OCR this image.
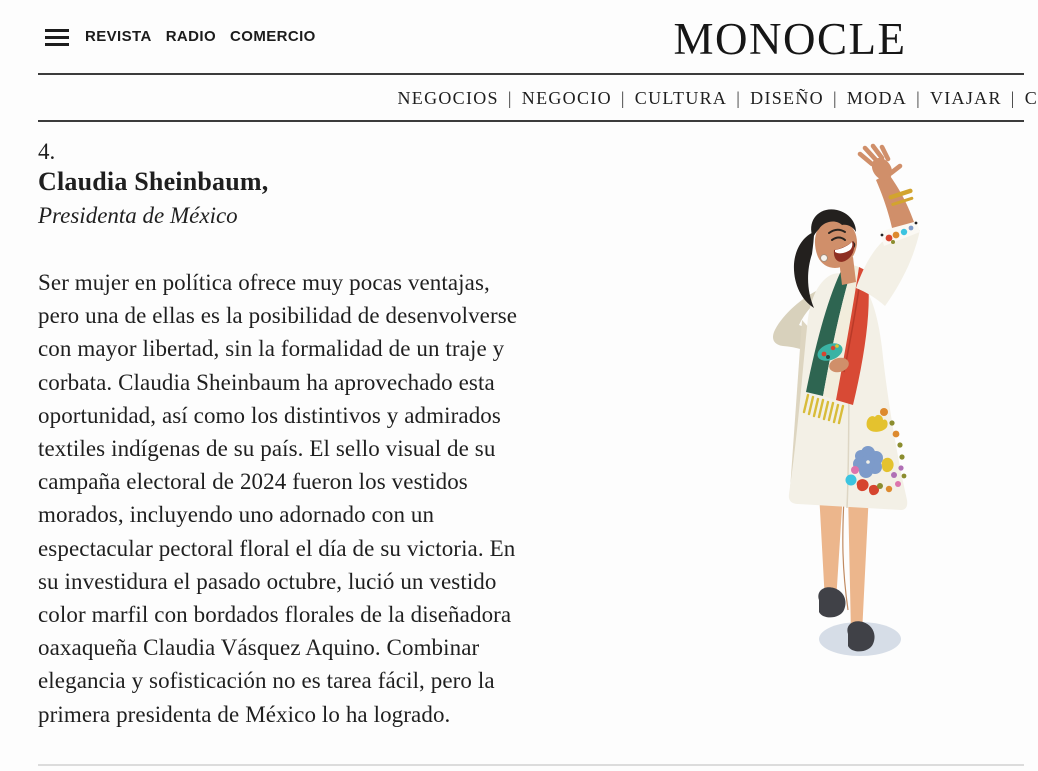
REVISTA RADIO COMERCIO	MONOCLE
NEGOCIOS | NEGOCIO | CULTURA | DISEÑO | MODA | VIAJAR | C
4.
Claudia Sheinbaum,
Presidenta de México
Ser mujer en política ofrece muy pocas ventajas,
pero una de ellas es la posibilidad de desenvolverse
con mayor libertad, sin la formalidad de un traje y
corbata. Claudia Sheinbaum ha aprovechado esta
oportunidad, así como los distintivos y admirados
textiles indígenas de su país. El sello visual de su
campaña electoral de 2024 fueron los vestidos
morados, incluyendo uno adornado con un
espectacular pectoral floral el día de su victoria. En
su investidura el pasado octubre, lució un vestido
color marfil con bordados florales de la diseñadora
oaxaqueña Claudia Vásquez Aquino. Combinar
elegancia y sofisticación no es tarea fácil, pero la
primera presidenta de México lo ha logrado.
